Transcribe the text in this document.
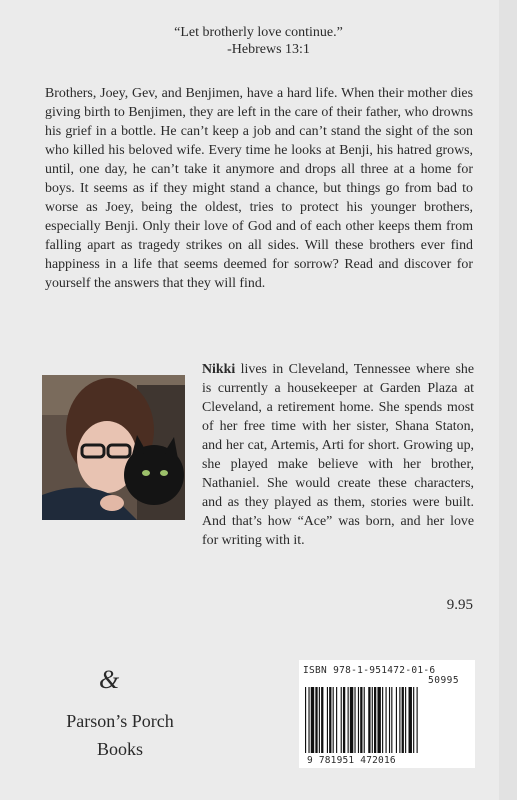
“Let brotherly love continue.”
-Hebrews 13:1

Brothers, Joey, Gev, and Benjimen, have a hard life. When their mother dies giving birth to Benjimen, they are left in the care of their father, who drowns his grief in a bottle. He can’t keep a job and can’t stand the sight of the son who killed his beloved wife. Every time he looks at Benji, his hatred grows, until, one day, he can’t take it anymore and drops all three at a home for boys. It seems as if they might stand a chance, but things go from bad to worse as Joey, being the oldest, tries to protect his younger brothers, especially Benji. Only their love of God and of each other keeps them from falling apart as tragedy strikes on all sides. Will these brothers ever find happiness in a life that seems deemed for sorrow? Read and discover for yourself the answers that they will find.

Nikki lives in Cleveland, Tennessee where she is currently a housekeeper at Garden Plaza at Cleveland, a retirement home. She spends most of her free time with her sister, Shana Staton, and her cat, Artemis, Arti for short. Growing up, she played make believe with her brother, Nathaniel. She would create these characters, and as they played as them, stories were built. And that’s how “Ace” was born, and her love for writing with it.

9.95
&
Parson’s Porch
Books
ISBN 978-1-951472-01-6
50995
9 781951 472016
